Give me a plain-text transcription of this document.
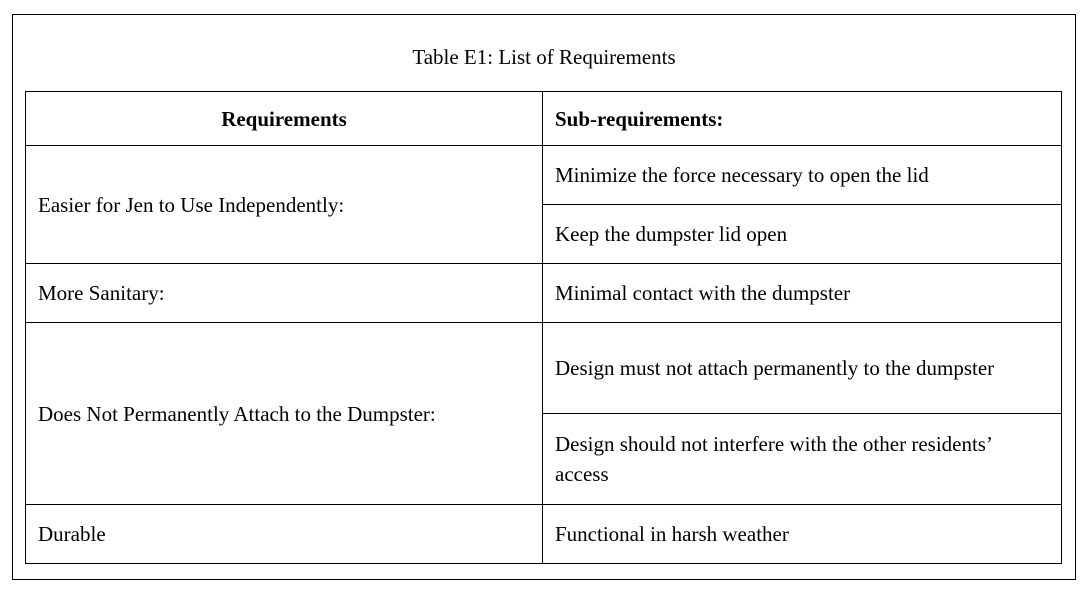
Table E1: List of Requirements
Requirements	Sub-requirements:
Easier for Jen to Use Independently:	Minimize the force necessary to open the lid
	Keep the dumpster lid open
More Sanitary:	Minimal contact with the dumpster
Does Not Permanently Attach to the Dumpster:	Design must not attach permanently to the dumpster
	Design should not interfere with the other residents’ access
Durable	Functional in harsh weather
